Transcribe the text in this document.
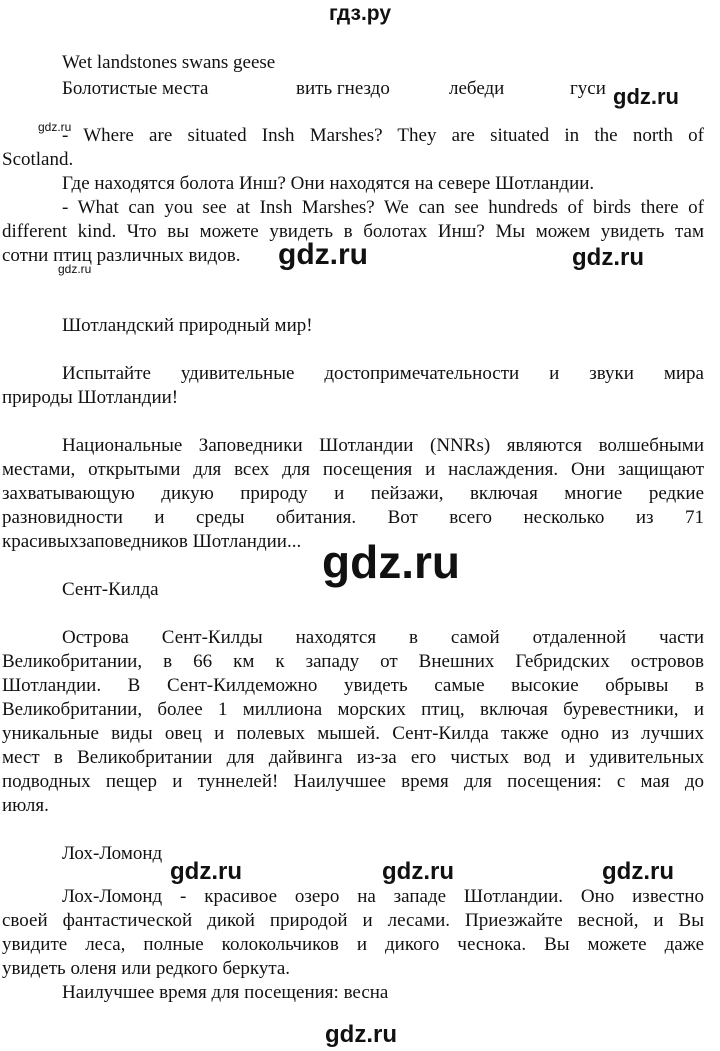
гдз.ру
Wet landstones swans geese
Болотистые места	вить гнездо	лебеди	гуси
- Where are situated Insh Marshes? They are situated in the north of
Scotland.
Где находятся болота Инш? Они находятся на севере Шотландии.
- What can you see at Insh Marshes? We can see hundreds of birds there of
different kind. Что вы можете увидеть в болотах Инш? Мы можем увидеть там
сотни птиц различных видов.
Шотландский природный мир!
Испытайте удивительные достопримечательности и звуки мира
природы Шотландии!
Национальные Заповедники Шотландии (NNRs) являются волшебными
местами, открытыми для всех для посещения и наслаждения. Они защищают
захватывающую дикую природу и пейзажи, включая многие редкие
разновидности и среды обитания. Вот всего несколько из 71
красивыхзаповедников Шотландии...
Сент-Килда
Острова Сент-Килды находятся в самой отдаленной части
Великобритании, в 66 км к западу от Внешних Гебридских островов
Шотландии. В Сент-Килдеможно увидеть самые высокие обрывы в
Великобритании, более 1 миллиона морских птиц, включая буревестники, и
уникальные виды овец и полевых мышей. Сент-Килда также одно из лучших
мест в Великобритании для дайвинга из-за его чистых вод и удивительных
подводных пещер и туннелей! Наилучшее время для посещения: с мая до
июля.
Лох-Ломонд
Лох-Ломонд - красивое озеро на западе Шотландии. Оно известно
своей фантастической дикой природой и лесами. Приезжайте весной, и Вы
увидите леса, полные колокольчиков и дикого чеснока. Вы можете даже
увидеть оленя или редкого беркута.
Наилучшее время для посещения: весна
gdz.ru
gdz.ru
gdz.ru	gdz.ru
gdz.ru
gdz.ru
gdz.ru	gdz.ru	gdz.ru
gdz.ru
